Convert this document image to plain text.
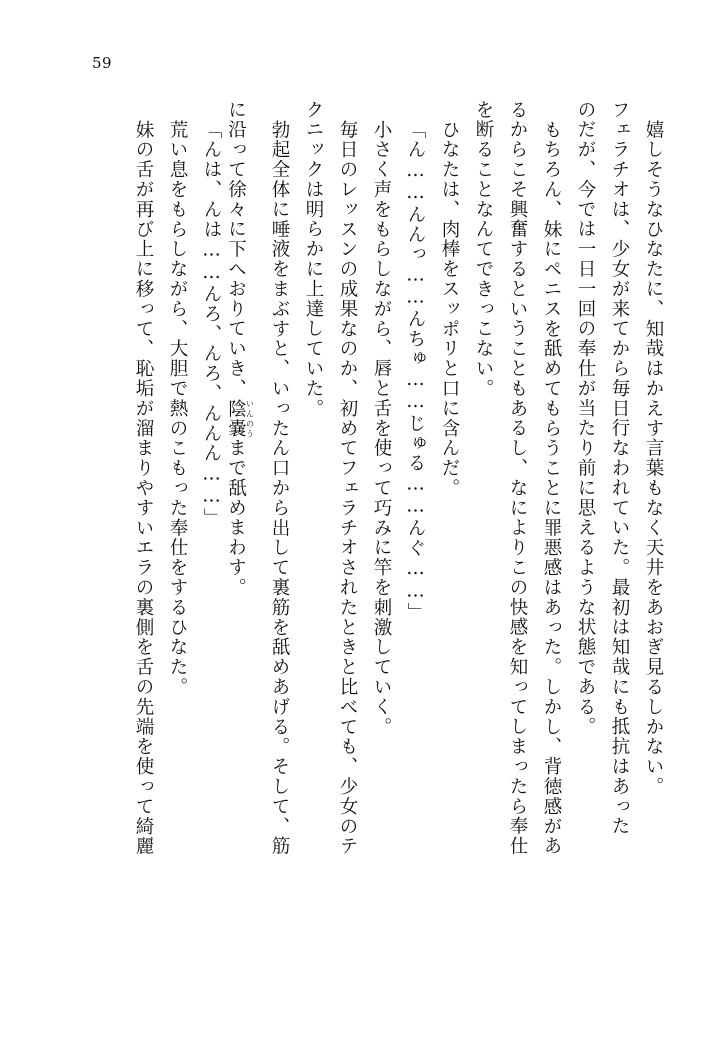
59
嬉しそうなひなたに、知哉はかえす言葉もなく天井をあおぎ見るしかない。
フェラチオは、少女が来てから毎日行なわれていた。最初は知哉にも抵抗はあった
のだが、今では一日一回の奉仕が当たり前に思えるような状態である。
もちろん、妹にペニスを舐めてもらうことに罪悪感はあった。しかし、背徳感があ
るからこそ興奮するということもあるし、なによりこの快感を知ってしまったら奉仕
を断ることなんてできっこない。
ひなたは、肉棒をスッポリと口に含んだ。
「ん……んんっ……んちゅ……じゅる……んぐ……」
小さく声をもらしながら、唇と舌を使って巧みに竿を刺激していく。
毎日のレッスンの成果なのか、初めてフェラチオされたときと比べても、少女のテ
クニックは明らかに上達していた。
勃起全体に唾液をまぶすと、いったん口から出して裏筋を舐めあげる。そして、筋
に沿って徐々に下へおりていき、陰嚢 いんのうまで舐めまわす。
「んは、んは……んろ、んろ、んんん……」
荒い息をもらしながら、大胆で熱のこもった奉仕をするひなた。
妹の舌が再び上に移って、恥垢が溜まりやすいエラの裏側を舌の先端を使って綺麗
